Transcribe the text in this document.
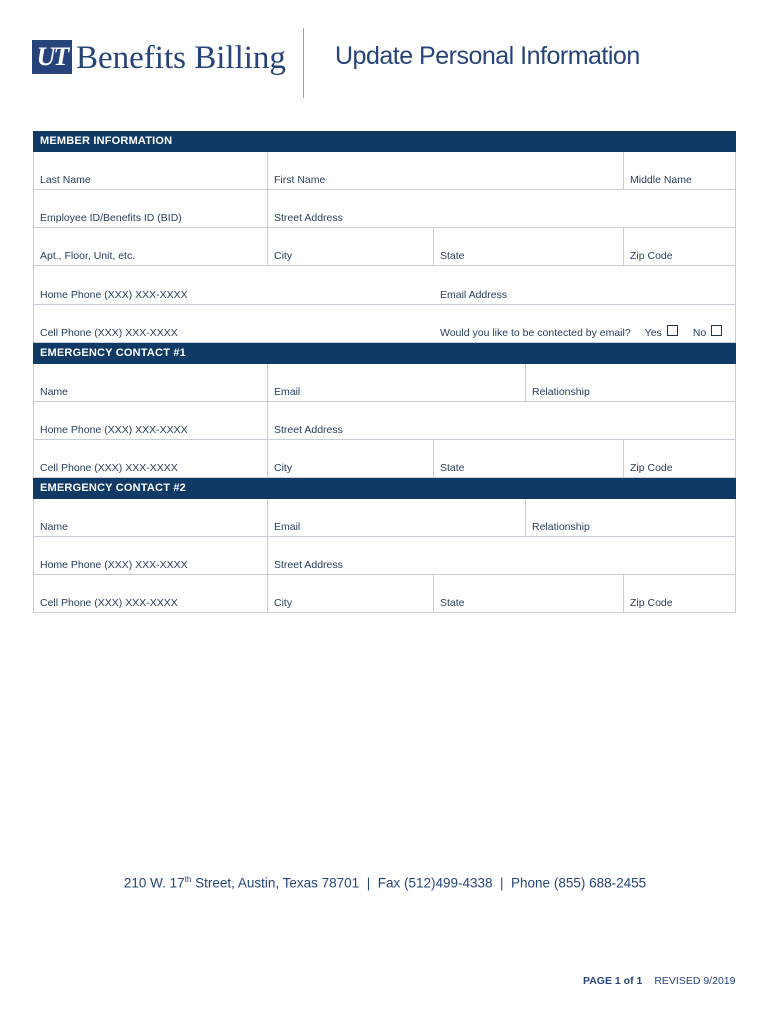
UT Benefits Billing Update Personal Information
MEMBER INFORMATION
Last Name	First Name	Middle Name
Employee ID/Benefits ID (BID)	Street Address
Apt., Floor, Unit, etc.	City	State	Zip Code
Home Phone (XXX) XXX-XXXX	Email Address
Cell Phone (XXX) XXX-XXXX	Would you like to be contected by email? Yes	No
EMERGENCY CONTACT #1
Name	Email	Relationship
Home Phone (XXX) XXX-XXXX	Street Address
Cell Phone (XXX) XXX-XXXX	City	State	Zip Code
EMERGENCY CONTACT #2
Name	Email	Relationship
Home Phone (XXX) XXX-XXXX	Street Address
Cell Phone (XXX) XXX-XXXX	City	State	Zip Code
210 W. 17th Street, Austin, Texas 78701  |  Fax (512)499-4338  |  Phone (855) 688-2455
PAGE 1 of 1 REVISED 9/2019
